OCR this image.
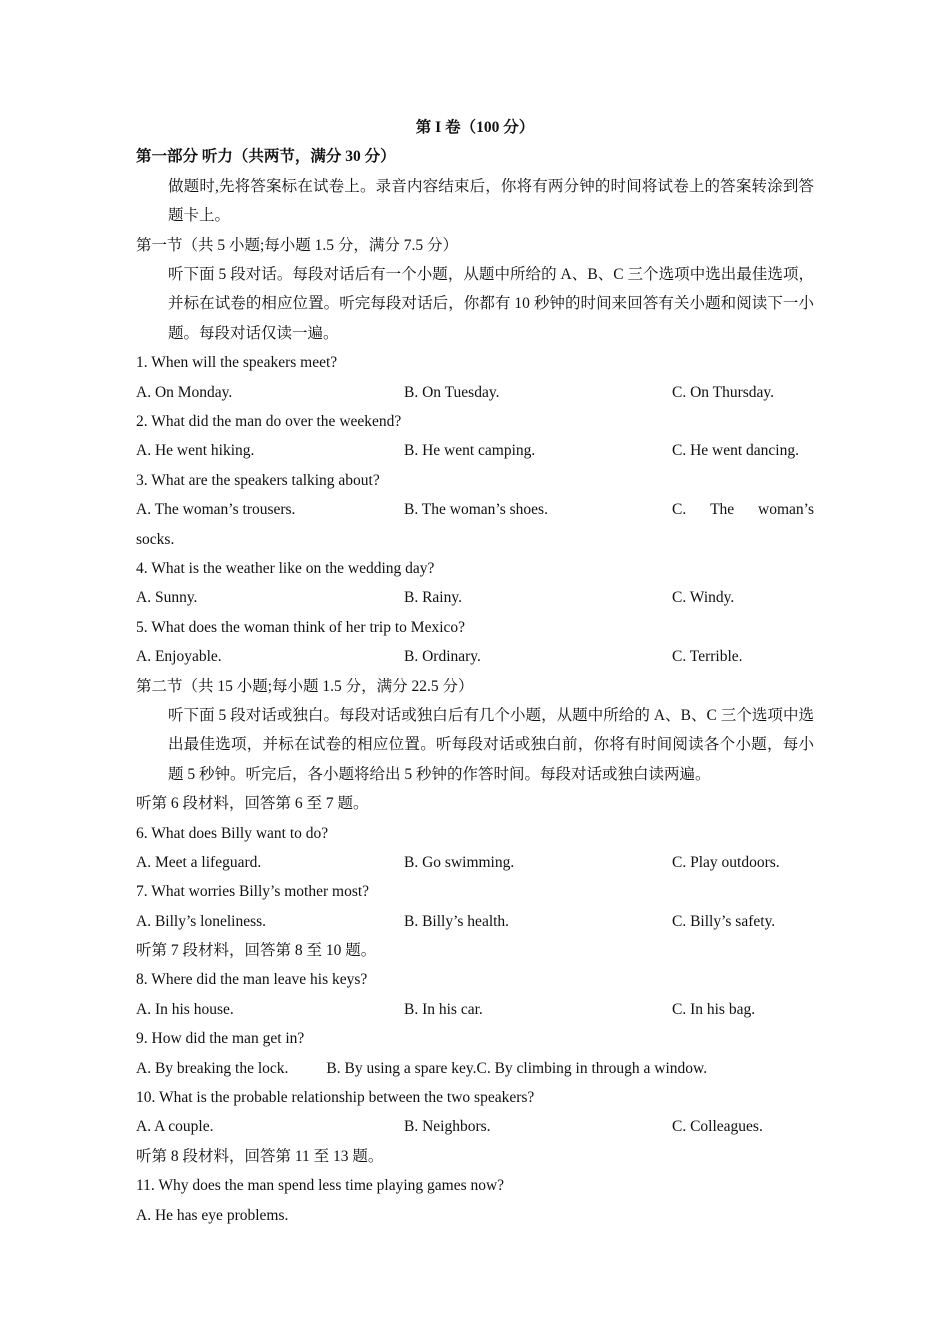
第 I 卷（100 分）
第一部分 听力（共两节，满分 30 分）
做题时,先将答案标在试卷上。录音内容结束后，你将有两分钟的时间将试卷上的答案转涂到答题卡上。
第一节（共 5 小题;每小题 1.5 分，满分 7.5 分）
听下面 5 段对话。每段对话后有一个小题，从题中所给的 A、B、C 三个选项中选出最佳选项，并标在试卷的相应位置。听完每段对话后，你都有 10 秒钟的时间来回答有关小题和阅读下一小题。每段对话仅读一遍。
1. When will the speakers meet?
A. On Monday.	B. On Tuesday.	C. On Thursday.
2. What did the man do over the weekend?
A. He went hiking.	B. He went camping.	C. He went dancing.
3. What are the speakers talking about?
A. The woman’s trousers.	B. The woman’s shoes.	C. The woman’s
socks.
4. What is the weather like on the wedding day?
A. Sunny.	B. Rainy.	C. Windy.
5. What does the woman think of her trip to Mexico?
A. Enjoyable.	B. Ordinary.	C. Terrible.
第二节（共 15 小题;每小题 1.5 分，满分 22.5 分）
听下面 5 段对话或独白。每段对话或独白后有几个小题，从题中所给的 A、B、C 三个选项中选出最佳选项，并标在试卷的相应位置。听每段对话或独白前，你将有时间阅读各个小题，每小题 5 秒钟。听完后，各小题将给出 5 秒钟的作答时间。每段对话或独白读两遍。
听第 6 段材料，回答第 6 至 7 题。
6. What does Billy want to do?
A. Meet a lifeguard.	B. Go swimming.	C. Play outdoors.
7. What worries Billy’s mother most?
A. Billy’s loneliness.	B. Billy’s health.	C. Billy’s safety.
听第 7 段材料，回答第 8 至 10 题。
8. Where did the man leave his keys?
A. In his house.	B. In his car.	C. In his bag.
9. How did the man get in?
A. By breaking the lock. B. By using a spare key.C. By climbing in through a window.
10. What is the probable relationship between the two speakers?
A. A couple.	B. Neighbors.	C. Colleagues.
听第 8 段材料，回答第 11 至 13 题。
11. Why does the man spend less time playing games now?
A. He has eye problems.
